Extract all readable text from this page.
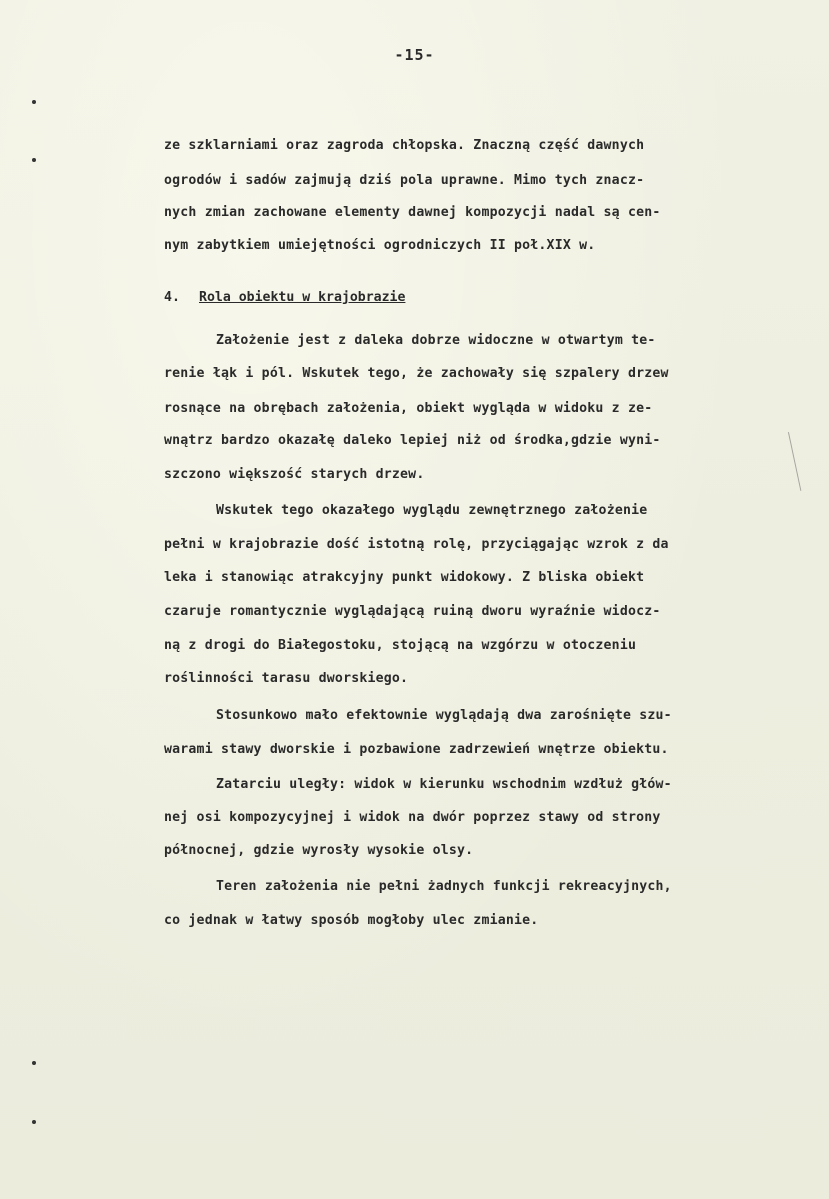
-15-
ze szklarniami oraz zagroda chłopska. Znaczną część dawnych
ogrodów i sadów zajmują dziś pola uprawne. Mimo tych znacz-
nych zmian zachowane elementy dawnej kompozycji nadal są cen-
nym zabytkiem umiejętności ogrodniczych II poł.XIX w.
4. Rola obiektu w krajobrazie
Założenie jest z daleka dobrze widoczne w otwartym te-
renie łąk i pól. Wskutek tego, że zachowały się szpalery drzew
rosnące na obrębach założenia, obiekt wygląda w widoku z ze-
wnątrz bardzo okazałę daleko lepiej niż od środka,gdzie wyni-
szczono większość starych drzew.
Wskutek tego okazałego wyglądu zewnętrznego założenie
pełni w krajobrazie dość istotną rolę, przyciągając wzrok z da
leka i stanowiąc atrakcyjny punkt widokowy. Z bliska obiekt
czaruje romantycznie wyglądającą ruiną dworu wyraźnie widocz-
ną z drogi do Białegostoku, stojącą na wzgórzu w otoczeniu
roślinności tarasu dworskiego.
Stosunkowo mało efektownie wyglądają dwa zarośnięte szu-
warami stawy dworskie i pozbawione zadrzewień wnętrze obiektu.
Zatarciu uległy: widok w kierunku wschodnim wzdłuż głów-
nej osi kompozycyjnej i widok na dwór poprzez stawy od strony
północnej, gdzie wyrosły wysokie olsy.
Teren założenia nie pełni żadnych funkcji rekreacyjnych,
co jednak w łatwy sposób mogłoby ulec zmianie.
